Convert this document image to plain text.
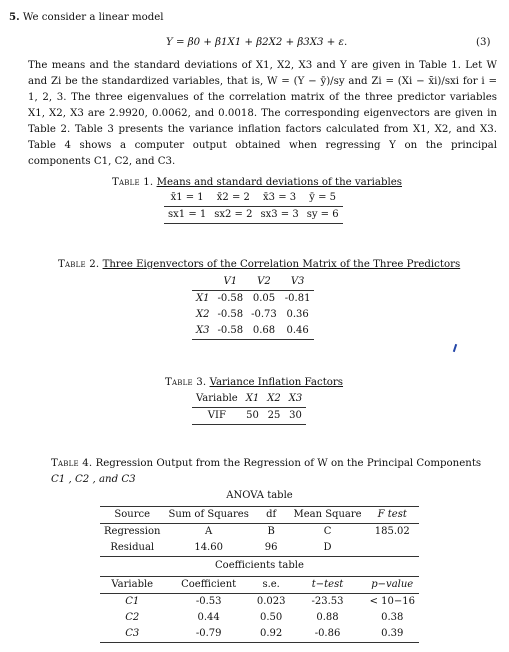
5. We consider a linear model
Y = β0 + β1X1 + β2X2 + β3X3 + ε.	(3)
The means and the standard deviations of X1, X2, X3 and Y are given in Table 1. Let W and Zi be the standardized variables, that is, W = (Y − ȳ)/sy and Zi = (Xi − x̄i)/sxi for i = 1, 2, 3. The three eigenvalues of the correlation matrix of the three predictor variables X1, X2, X3 are 2.9920, 0.0062, and 0.0018. The corresponding eigenvectors are given in Table 2. Table 3 presents the variance inflation factors calculated from X1, X2, and X3. Table 4 shows a computer output obtained when regressing Y on the principal components C1, C2, and C3.
Table 1. Means and standard deviations of the variables
x̄1 = 1	x̄2 = 2	x̄3 = 3	ȳ = 5
sx1 = 1	sx2 = 2	sx3 = 3	sy = 6
Table 2. Three Eigenvectors of the Correlation Matrix of the Three Predictors
	V1	V2	V3
X1	-0.58	0.05	-0.81
X2	-0.58	-0.73	0.36
X3	-0.58	0.68	0.46
Table 3. Variance Inflation Factors
Variable	X1	X2	X3
VIF	50	25	30
Table 4. Regression Output from the Regression of W on the Principal Components
C1 , C2 , and C3
ANOVA table				
Source	Sum of Squares	df	Mean Square	F test
Regression	A	B	C	185.02
Residual	14.60	96	D	
Coefficients table				
Variable	Coefficient	s.e.	t−test	p−value
C1	-0.53	0.023	-23.53	< 10−16
C2	0.44	0.50	0.88	0.38
C3	-0.79	0.92	-0.86	0.39
